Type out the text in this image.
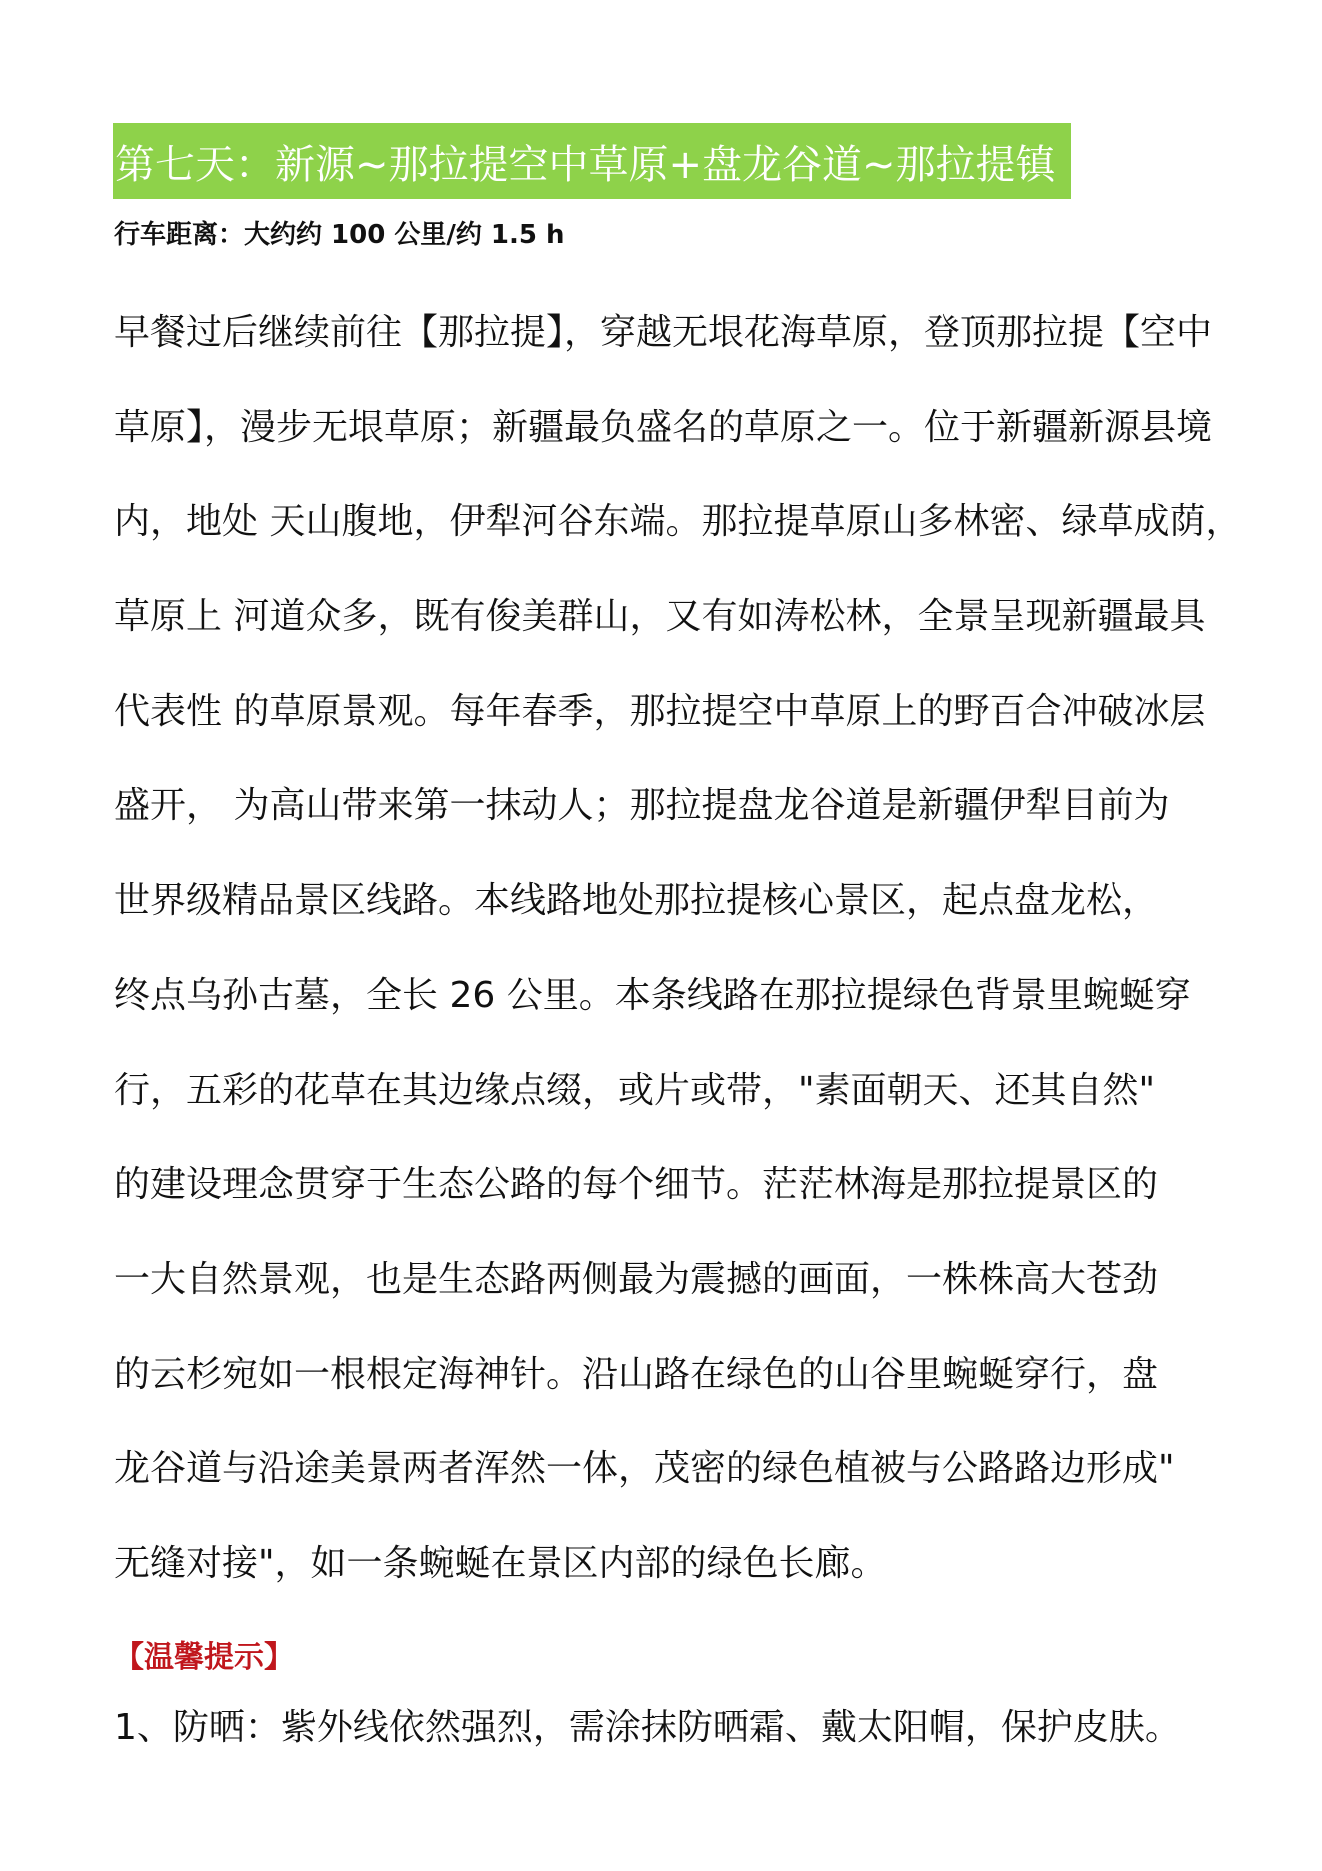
第七天：新源~那拉提空中草原+盘龙谷道~那拉提镇
行车距离：大约约 100 公里/约 1.5 h
早餐过后继续前往【那拉提】，穿越无垠花海草原，登顶那拉提【空中
草原】，漫步无垠草原；新疆最负盛名的草原之一。位于新疆新源县境
内，地处 天山腹地，伊犁河谷东端。那拉提草原山多林密、绿草成荫，
草原上 河道众多，既有俊美群山，又有如涛松林，全景呈现新疆最具
代表性 的草原景观。每年春季，那拉提空中草原上的野百合冲破冰层
盛开， 为高山带来第一抹动人；那拉提盘龙谷道是新疆伊犁目前为
世界级精品景区线路。本线路地处那拉提核心景区，起点盘龙松，
终点乌孙古墓，全长 26 公里。本条线路在那拉提绿色背景里蜿蜒穿
行，五彩的花草在其边缘点缀，或片或带，"素面朝天、还其自然"
的建设理念贯穿于生态公路的每个细节。茫茫林海是那拉提景区的
一大自然景观，也是生态路两侧最为震撼的画面，一株株高大苍劲
的云杉宛如一根根定海神针。沿山路在绿色的山谷里蜿蜒穿行，盘
龙谷道与沿途美景两者浑然一体，茂密的绿色植被与公路路边形成"
无缝对接"，如一条蜿蜒在景区内部的绿色长廊。
【温馨提示】
1、防晒：紫外线依然强烈，需涂抹防晒霜、戴太阳帽，保护皮肤。
